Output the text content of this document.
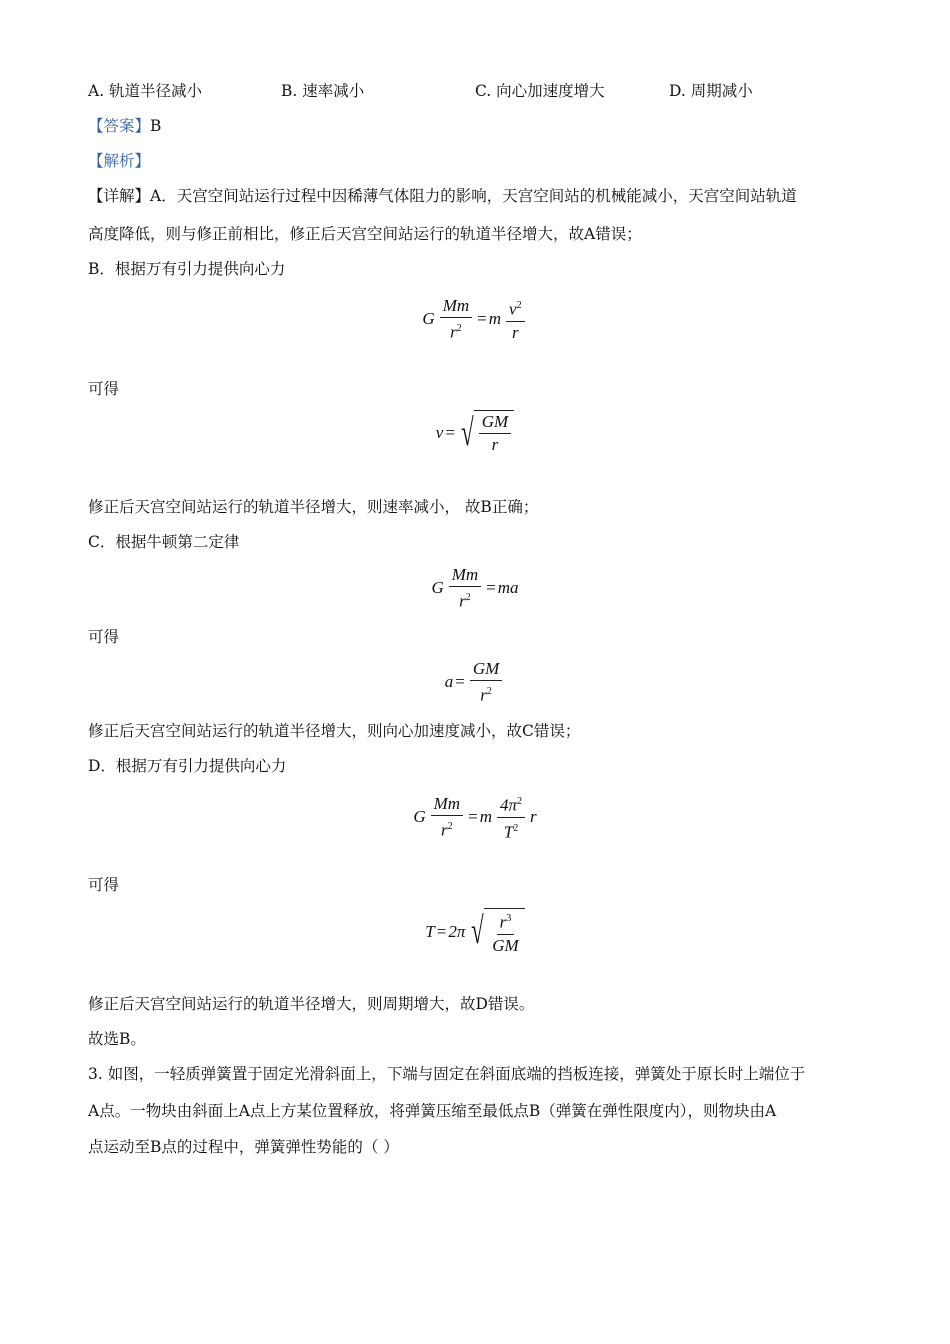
A. 轨道半径减小	B. 速率减小	C. 向心加速度增大	D. 周期减小
【答案】B
【解析】
【详解】A．天宫空间站运行过程中因稀薄气体阻力的影响，天宫空间站的机械能减小，天宫空间站轨道
高度降低，则与修正前相比，修正后天宫空间站运行的轨道半径增大，故A错误；
B．根据万有引力提供向心力
G $\frac{Mm}{r^2} = m \frac{v^2}{r}$
可得
v = √ $\frac{GM}{r}$
修正后天宫空间站运行的轨道半径增大，则速率减小， 故B正确；
C．根据牛顿第二定律
G $\frac{Mm}{r^2}$ = ma
可得
$a = \frac{GM}{r^2}$
修正后天宫空间站运行的轨道半径增大，则向心加速度减小，故C错误；
D．根据万有引力提供向心力
G $\frac{Mm}{r^2} = m \frac{4\pi^2}{T^2}$ r
可得
T = 2π √ $\frac{r^3}{GM}$
修正后天宫空间站运行的轨道半径增大，则周期增大，故D错误。
故选B。
3. 如图，一轻质弹簧置于固定光滑斜面上，下端与固定在斜面底端的挡板连接，弹簧处于原长时上端位于
A点。一物块由斜面上A点上方某位置释放，将弹簧压缩至最低点B（弹簧在弹性限度内），则物块由A
点运动至B点的过程中，弹簧弹性势能的（ ）
